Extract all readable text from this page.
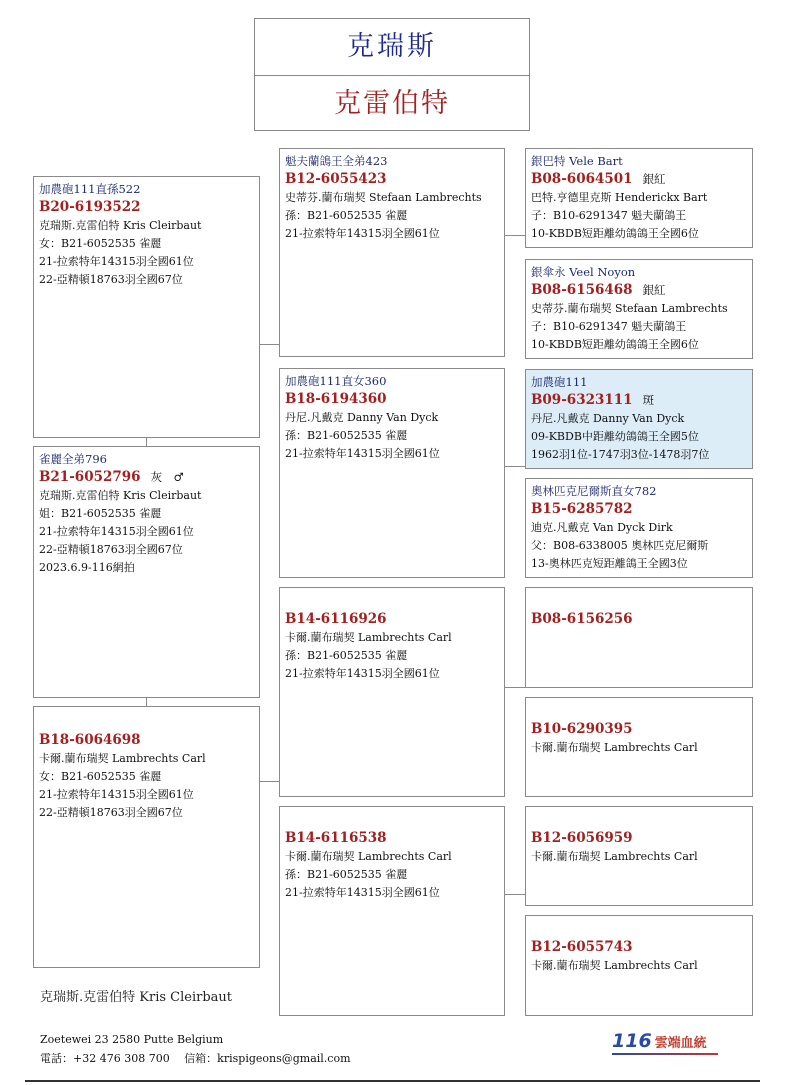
克瑞斯
克雷伯特
加農砲111直孫522
B20-6193522
克瑞斯.克雷伯特 Kris Cleirbaut
女：B21-6052535 雀麗
21-拉索特年14315羽全國61位
22-亞精頓18763羽全國67位
雀麗全弟796
B21-6052796 灰　♂
克瑞斯.克雷伯特 Kris Cleirbaut
姐：B21-6052535 雀麗
21-拉索特年14315羽全國61位
22-亞精頓18763羽全國67位
2023.6.9-116網拍
B18-6064698
卡爾.蘭布瑞契 Lambrechts Carl
女：B21-6052535 雀麗
21-拉索特年14315羽全國61位
22-亞精頓18763羽全國67位
魁夫蘭鴿王全弟423
B12-6055423
史蒂芬.蘭布瑞契 Stefaan Lambrechts
孫：B21-6052535 雀麗
21-拉索特年14315羽全國61位
加農砲111直女360
B18-6194360
丹尼.凡戴克 Danny Van Dyck
孫：B21-6052535 雀麗
21-拉索特年14315羽全國61位
B14-6116926
卡爾.蘭布瑞契 Lambrechts Carl
孫：B21-6052535 雀麗
21-拉索特年14315羽全國61位
B14-6116538
卡爾.蘭布瑞契 Lambrechts Carl
孫：B21-6052535 雀麗
21-拉索特年14315羽全國61位
銀巴特 Vele Bart
B08-6064501 銀紅
巴特.亨德里克斯 Henderickx Bart
子：B10-6291347 魁夫蘭鴿王
10-KBDB短距離幼鴿鴿王全國6位
銀傘永 Veel Noyon
B08-6156468 銀紅
史蒂芬.蘭布瑞契 Stefaan Lambrechts
子：B10-6291347 魁夫蘭鴿王
10-KBDB短距離幼鴿鴿王全國6位
加農砲111
B09-6323111 斑
丹尼.凡戴克 Danny Van Dyck
09-KBDB中距離幼鴿鴿王全國5位
1962羽1位-1747羽3位-1478羽7位
奧林匹克尼爾斯直女782
B15-6285782
迪克.凡戴克 Van Dyck Dirk
父：B08-6338005 奧林匹克尼爾斯
13-奧林匹克短距離鴿王全國3位
B08-6156256
B10-6290395
卡爾.蘭布瑞契 Lambrechts Carl
B12-6056959
卡爾.蘭布瑞契 Lambrechts Carl
B12-6055743
卡爾.蘭布瑞契 Lambrechts Carl
克瑞斯.克雷伯特 Kris Cleirbaut
Zoetewei 23 2580 Putte Belgium
電話：+32 476 308 700　 信箱：krispigeons@gmail.com
116 雲端血統
